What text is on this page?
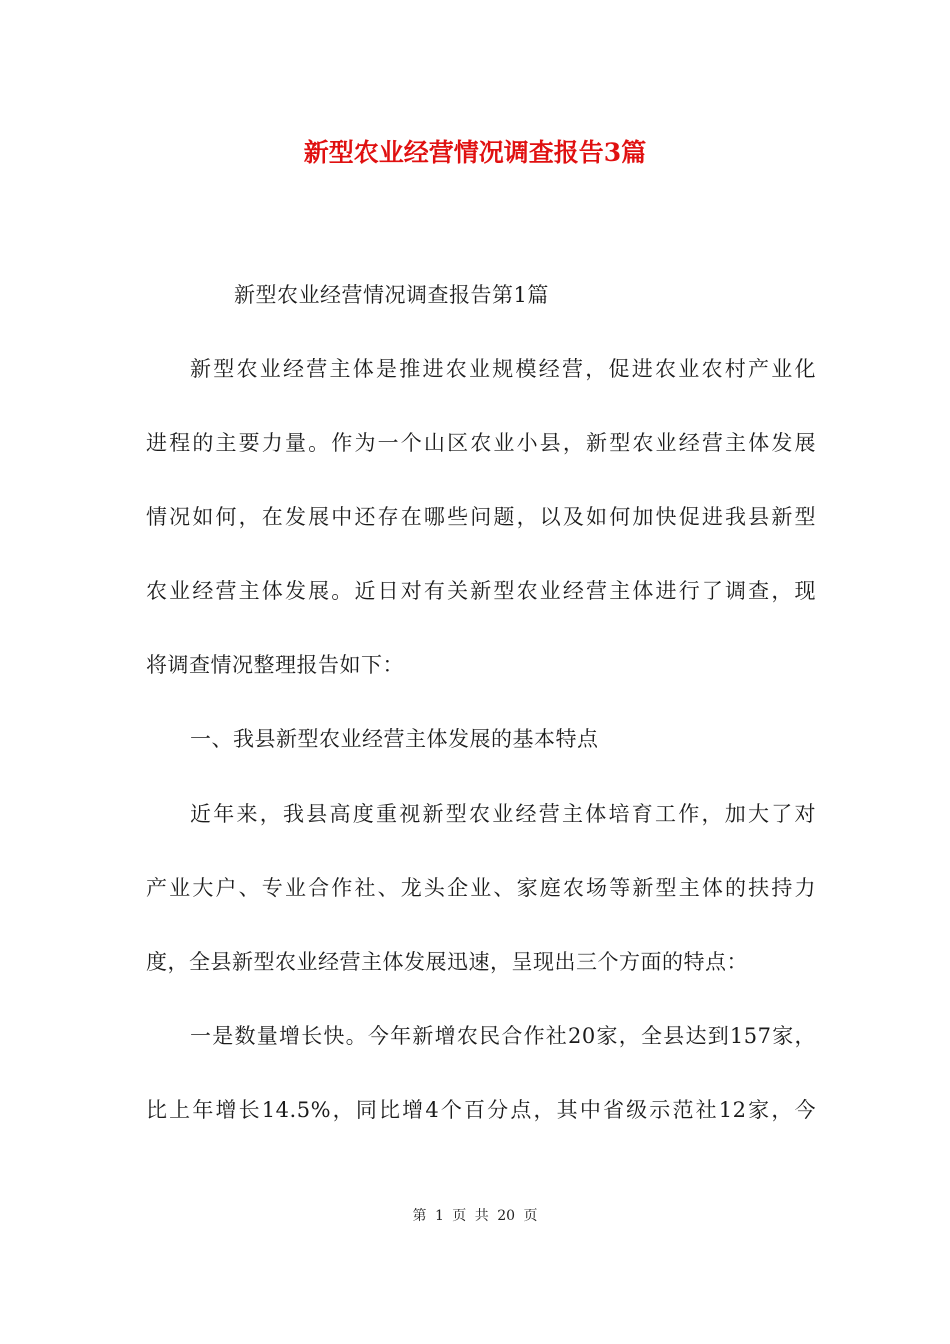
新型农业经营情况调查报告3篇
新型农业经营情况调查报告第1篇
新型农业经营主体是推进农业规模经营，促进农业农村产业化
进程的主要力量。作为一个山区农业小县，新型农业经营主体发展
情况如何，在发展中还存在哪些问题，以及如何加快促进我县新型
农业经营主体发展。近日对有关新型农业经营主体进行了调查，现
将调查情况整理报告如下：
一、我县新型农业经营主体发展的基本特点
近年来，我县高度重视新型农业经营主体培育工作，加大了对
产业大户、专业合作社、龙头企业、家庭农场等新型主体的扶持力
度，全县新型农业经营主体发展迅速，呈现出三个方面的特点：
一是数量增长快。今年新增农民合作社20家，全县达到157家，
比上年增长14.5%，同比增4个百分点，其中省级示范社12家，今
第 1 页 共 20 页
